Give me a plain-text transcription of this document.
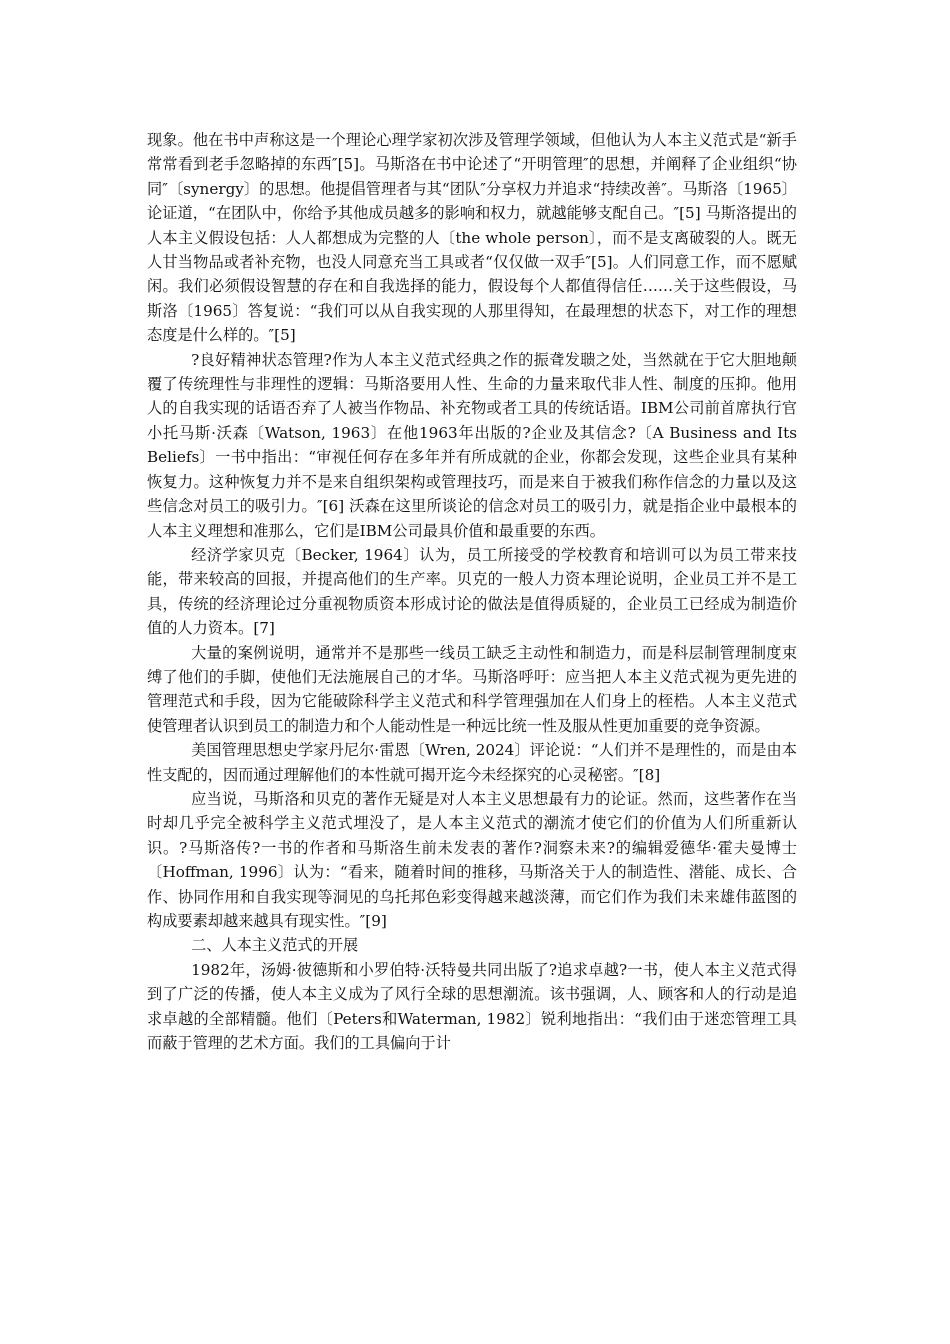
现象。他在书中声称这是一个理论心理学家初次涉及管理学领域，但他认为人本主义范式是“新手常常看到老手忽略掉的东西″[5]。马斯洛在书中论述了“开明管理″的思想，并阐释了企业组织“协同″〔synergy〕的思想。他提倡管理者与其“团队″分享权力并追求“持续改善″。马斯洛〔1965〕论证道，“在团队中，你给予其他成员越多的影响和权力，就越能够支配自己。″[5] 马斯洛提出的人本主义假设包括：人人都想成为完整的人〔the whole person〕，而不是支离破裂的人。既无人甘当物品或者补充物，也没人同意充当工具或者“仅仅做一双手″[5]。人们同意工作，而不愿赋闲。我们必须假设智慧的存在和自我选择的能力，假设每个人都值得信任……关于这些假设，马斯洛〔1965〕答复说：“我们可以从自我实现的人那里得知，在最理想的状态下，对工作的理想态度是什么样的。″[5]

?良好精神状态管理?作为人本主义范式经典之作的振聋发聩之处，当然就在于它大胆地颠覆了传统理性与非理性的逻辑：马斯洛要用人性、生命的力量来取代非人性、制度的压抑。他用人的自我实现的话语否弃了人被当作物品、补充物或者工具的传统话语。IBM公司前首席执行官小托马斯·沃森〔Watson, 1963〕在他1963年出版的?企业及其信念?〔A Business and Its Beliefs〕一书中指出：“审视任何存在多年并有所成就的企业，你都会发现，这些企业具有某种恢复力。这种恢复力并不是来自组织架构或管理技巧，而是来自于被我们称作信念的力量以及这些信念对员工的吸引力。″[6] 沃森在这里所谈论的信念对员工的吸引力，就是指企业中最根本的人本主义理想和准那么，它们是IBM公司最具价值和最重要的东西。

经济学家贝克〔Becker, 1964〕认为，员工所接受的学校教育和培训可以为员工带来技能，带来较高的回报，并提高他们的生产率。贝克的一般人力资本理论说明，企业员工并不是工具，传统的经济理论过分重视物质资本形成讨论的做法是值得质疑的，企业员工已经成为制造价值的人力资本。[7]

大量的案例说明，通常并不是那些一线员工缺乏主动性和制造力，而是科层制管理制度束缚了他们的手脚，使他们无法施展自己的才华。马斯洛呼吁：应当把人本主义范式视为更先进的管理范式和手段，因为它能破除科学主义范式和科学管理强加在人们身上的桎梏。人本主义范式使管理者认识到员工的制造力和个人能动性是一种远比统一性及服从性更加重要的竞争资源。

美国管理思想史学家丹尼尔·雷恩〔Wren, 2024〕评论说：“人们并不是理性的，而是由本性支配的，因而通过理解他们的本性就可揭开迄今未经探究的心灵秘密。″[8]

应当说，马斯洛和贝克的著作无疑是对人本主义思想最有力的论证。然而，这些著作在当时却几乎完全被科学主义范式埋没了，是人本主义范式的潮流才使它们的价值为人们所重新认识。?马斯洛传?一书的作者和马斯洛生前未发表的著作?洞察未来?的编辑爱德华·霍夫曼博士〔Hoffman, 1996〕认为：“看来，随着时间的推移，马斯洛关于人的制造性、潜能、成长、合作、协同作用和自我实现等洞见的乌托邦色彩变得越来越淡薄，而它们作为我们未来雄伟蓝图的构成要素却越来越具有现实性。″[9]

二、人本主义范式的开展

1982年，汤姆·彼德斯和小罗伯特·沃特曼共同出版了?追求卓越?一书，使人本主义范式得到了广泛的传播，使人本主义成为了风行全球的思想潮流。该书强调，人、顾客和人的行动是追求卓越的全部精髓。他们〔Peters和Waterman, 1982〕锐利地指出：“我们由于迷恋管理工具而蔽于管理的艺术方面。我们的工具偏向于计
